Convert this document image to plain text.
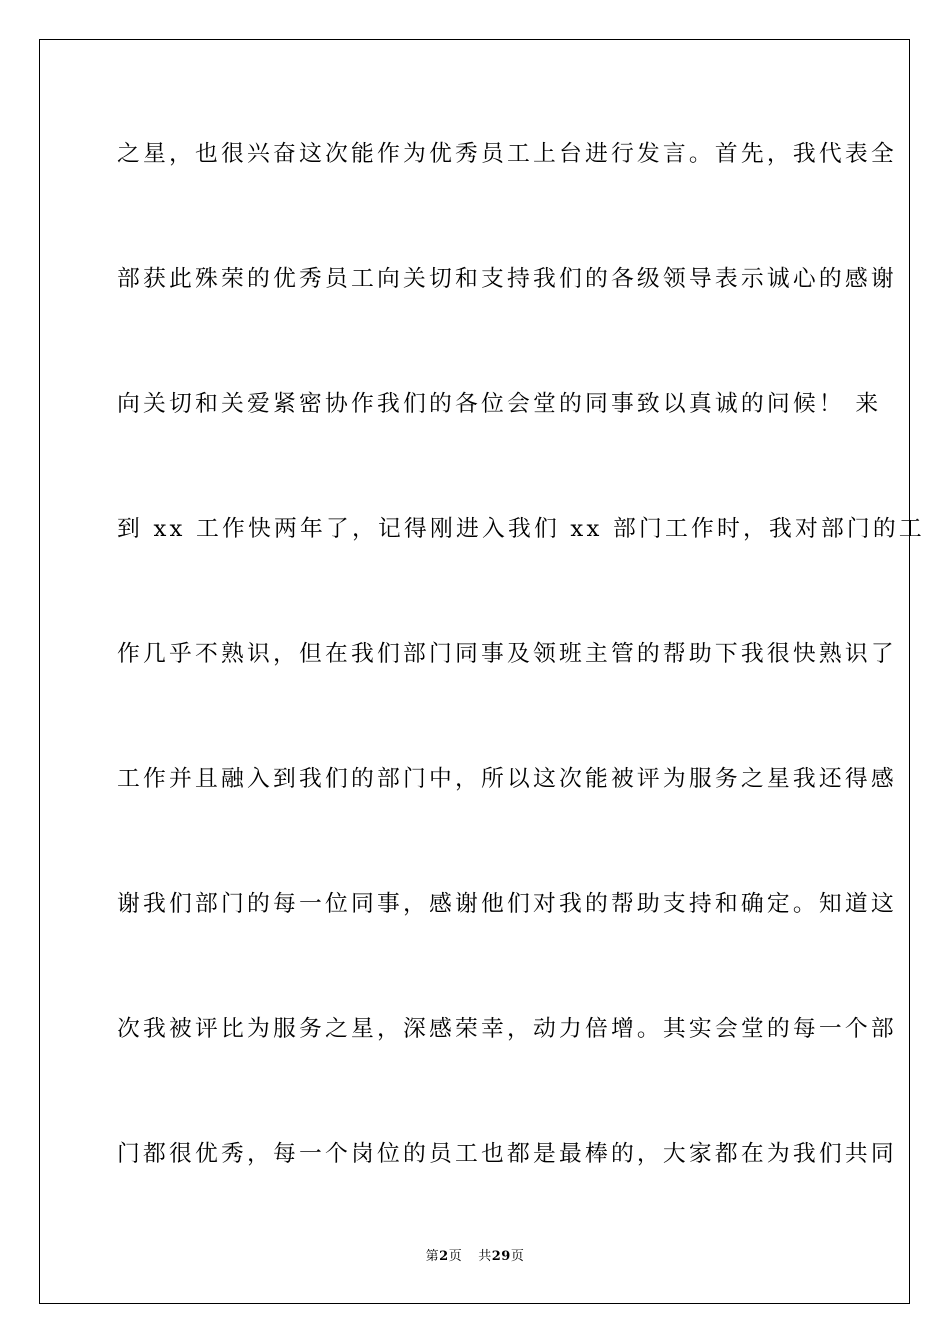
之星，也很兴奋这次能作为优秀员工上台进行发言。首先，我代表全
部获此殊荣的优秀员工向关切和支持我们的各级领导表示诚心的感谢
向关切和关爱紧密协作我们的各位会堂的同事致以真诚的问候！ 来
到 xx 工作快两年了，记得刚进入我们 xx 部门工作时，我对部门的工
作几乎不熟识，但在我们部门同事及领班主管的帮助下我很快熟识了
工作并且融入到我们的部门中，所以这次能被评为服务之星我还得感
谢我们部门的每一位同事，感谢他们对我的帮助支持和确定。知道这
次我被评比为服务之星，深感荣幸，动力倍增。其实会堂的每一个部
门都很优秀，每一个岗位的员工也都是最棒的，大家都在为我们共同
第2页 共29页
